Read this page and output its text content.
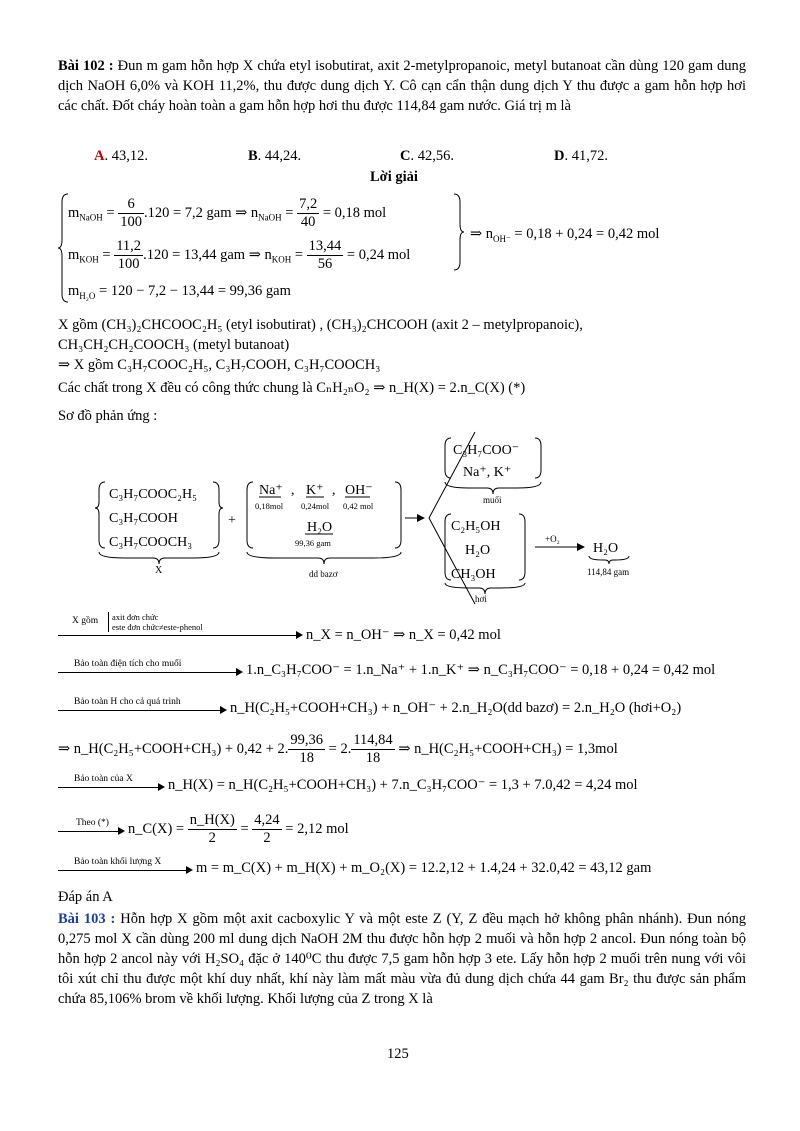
Bài 102 : Đun m gam hỗn hợp X chứa etyl isobutirat, axit 2-metylpropanoic, metyl butanoat cần dùng 120 gam dung dịch NaOH 6,0% và KOH 11,2%, thu được dung dịch Y. Cô cạn cẩn thận dung dịch Y thu được a gam hỗn hợp hơi các chất. Đốt cháy hoàn toàn a gam hỗn hợp hơi thu được 114,84 gam nước. Giá trị m là
A. 43,12.	B. 44,24.	C. 42,56.	D. 41,72.
Lời giải
$m_{NaOH} = \frac{6}{100} .120 = 7,2$ gam ⇒ $n_{NaOH} = \frac{7,2}{40} = 0,18$ mol
$m_{KOH} = \frac{11,2}{100} .120 = 13,44$ gam ⇒ $n_{KOH} = \frac{13,44}{56} = 0,24$ mol
$m_{H_2O} = 120 - 7,2 - 13,44 = 99,36$ gam
⇒ $n_{OH^-} = 0,18 + 0,24 = 0,42$ mol
X gồm (CH₃)₂CHCOOC₂H₅ (etyl isobutirat) , (CH₃)₂CHCOOH (axit 2 – metylpropanoic),
CH₃CH₂CH₂COOCH₃ (metyl butanoat)
⇒ X gồm C₃H₇COOC₂H₅, C₃H₇COOH, C₃H₇COOCH₃
Các chất trong X đều có công thức chung là CₙH₂ₙO₂ ⇒ n_H(X) = 2.n_C(X) (*)
Sơ đồ phản ứng :
C₃H₇COOC₂H₅
C₃H₇COOH
C₃H₇COOCH₃
X
+
Na⁺ K⁺ OH⁻
,	,
0,18mol 0,24mol 0,42 mol
H₂O
99,36 gam
dd bazơ
C₃H₇COO⁻
Na⁺, K⁺
muối
C₂H₅OH
H₂O
CH₃OH
hơi
+O₂
H₂O
114,84 gam
X gồm axit đơn chức
este đơn chức≠este-phenol	n_X = n_OH⁻ ⇒ n_X = 0,42 mol
Bảo toàn điện tích cho muối	1.n_C₃H₇COO⁻ = 1.n_Na⁺ + 1.n_K⁺ ⇒ n_C₃H₇COO⁻ = 0,18 + 0,24 = 0,42 mol
Bảo toàn H cho cả quá trình	n_H(C₂H₅+COOH+CH₃) + n_OH⁻ + 2.n_H₂O(dd bazơ) = 2.n_H₂O (hơi+O₂)
⇒ n_H(C₂H₅+COOH+CH₃) + 0,42 + 2. $\frac{99,36}{18} = 2$. $\frac{114,84}{18}$ ⇒ n_H(C₂H₅+COOH+CH₃) = 1,3mol
Bảo toàn của X n_H(X) = n_H(C₂H₅+COOH+CH₃) + 7.n_C₃H₇COO⁻ = 1,3 + 7.0,42 = 4,24 mol
Theo (*) n_C(X) = $\frac{n\_H(X)}{2} = \frac{4,24}{2} = 2,12$ mol
Bảo toàn khối lượng X m = m_C(X) + m_H(X) + m_O₂(X) = 12.2,12 + 1.4,24 + 32.0,42 = 43,12 gam
Đáp án A
Bài 103 : Hỗn hợp X gồm một axit cacboxylic Y và một este Z (Y, Z đều mạch hở không phân nhánh). Đun nóng 0,275 mol X cần dùng 200 ml dung dịch NaOH 2M thu được hỗn hợp 2 muối và hỗn hợp 2 ancol. Đun nóng toàn bộ hỗn hợp 2 ancol này với H₂SO₄ đặc ở 140⁰C thu được 7,5 gam hỗn hợp 3 ete. Lấy hỗn hợp 2 muối trên nung với vôi tôi xút chỉ thu được một khí duy nhất, khí này làm mất màu vừa đủ dung dịch chứa 44 gam Br₂ thu được sản phẩm chứa 85,106% brom về khối lượng. Khối lượng của Z trong X là
125
